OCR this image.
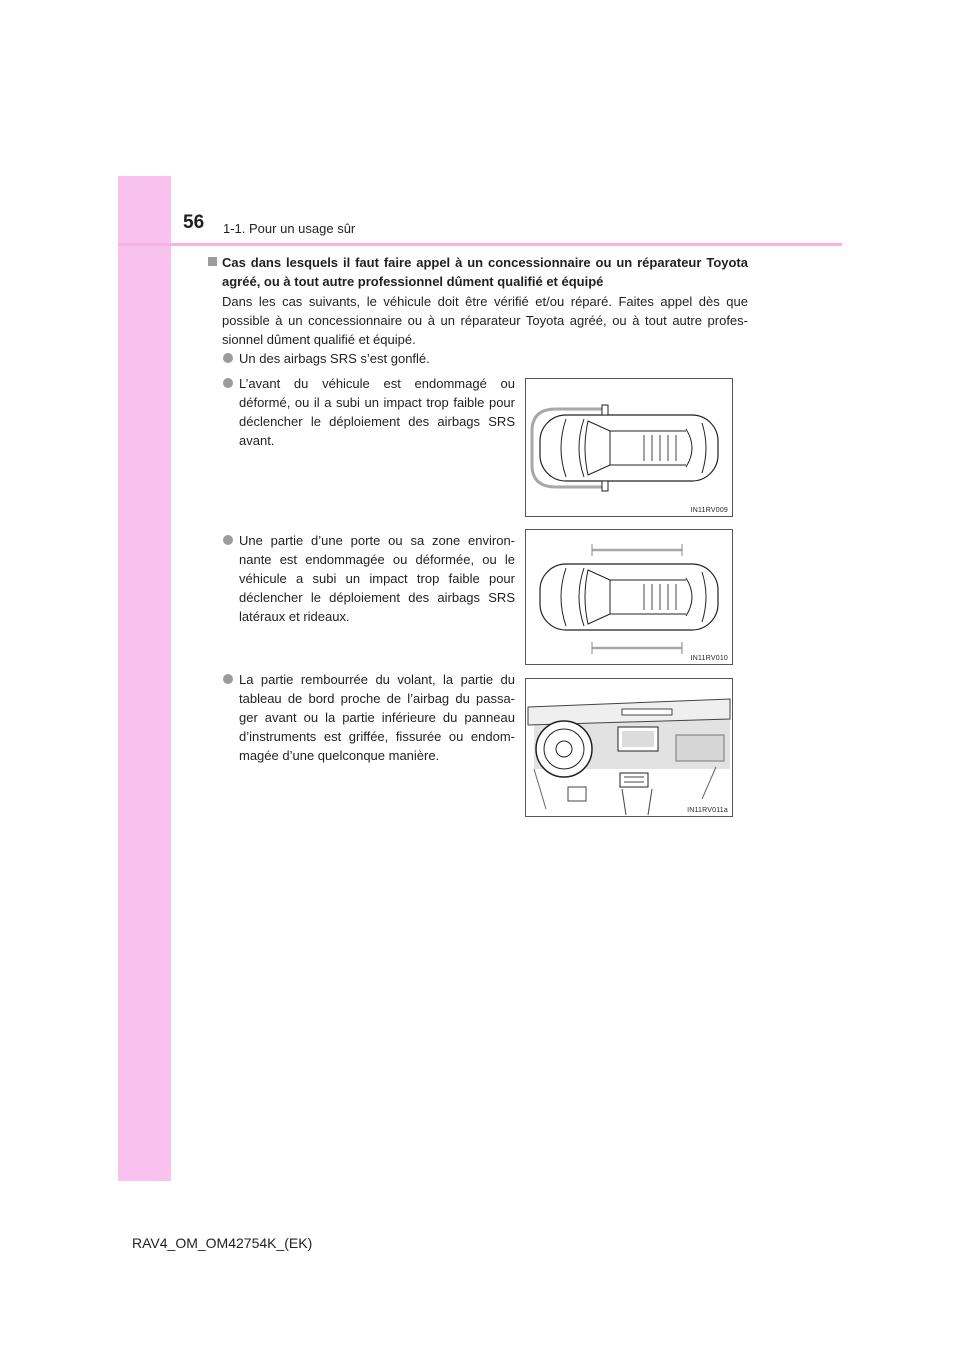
56 1-1. Pour un usage sûr
Cas dans lesquels il faut faire appel à un concessionnaire ou un réparateur Toyota agréé, ou à tout autre professionnel dûment qualifié et équipé
Dans les cas suivants, le véhicule doit être vérifié et/ou réparé. Faites appel dès que possible à un concessionnaire ou à un réparateur Toyota agréé, ou à tout autre profes-sionnel dûment qualifié et équipé.
Un des airbags SRS s’est gonflé.
L’avant du véhicule est endommagé ou déformé, ou il a subi un impact trop faible pour déclencher le déploiement des airbags SRS avant.
Une partie d’une porte ou sa zone environ-nante est endommagée ou déformée, ou le véhicule a subi un impact trop faible pour déclencher le déploiement des airbags SRS latéraux et rideaux.
La partie rembourrée du volant, la partie du tableau de bord proche de l’airbag du passa-ger avant ou la partie inférieure du panneau d’instruments est griffée, fissurée ou endom-magée d’une quelconque manière.
IN11RV009
IN11RV010
IN11RV011a
RAV4_OM_OM42754K_(EK)
